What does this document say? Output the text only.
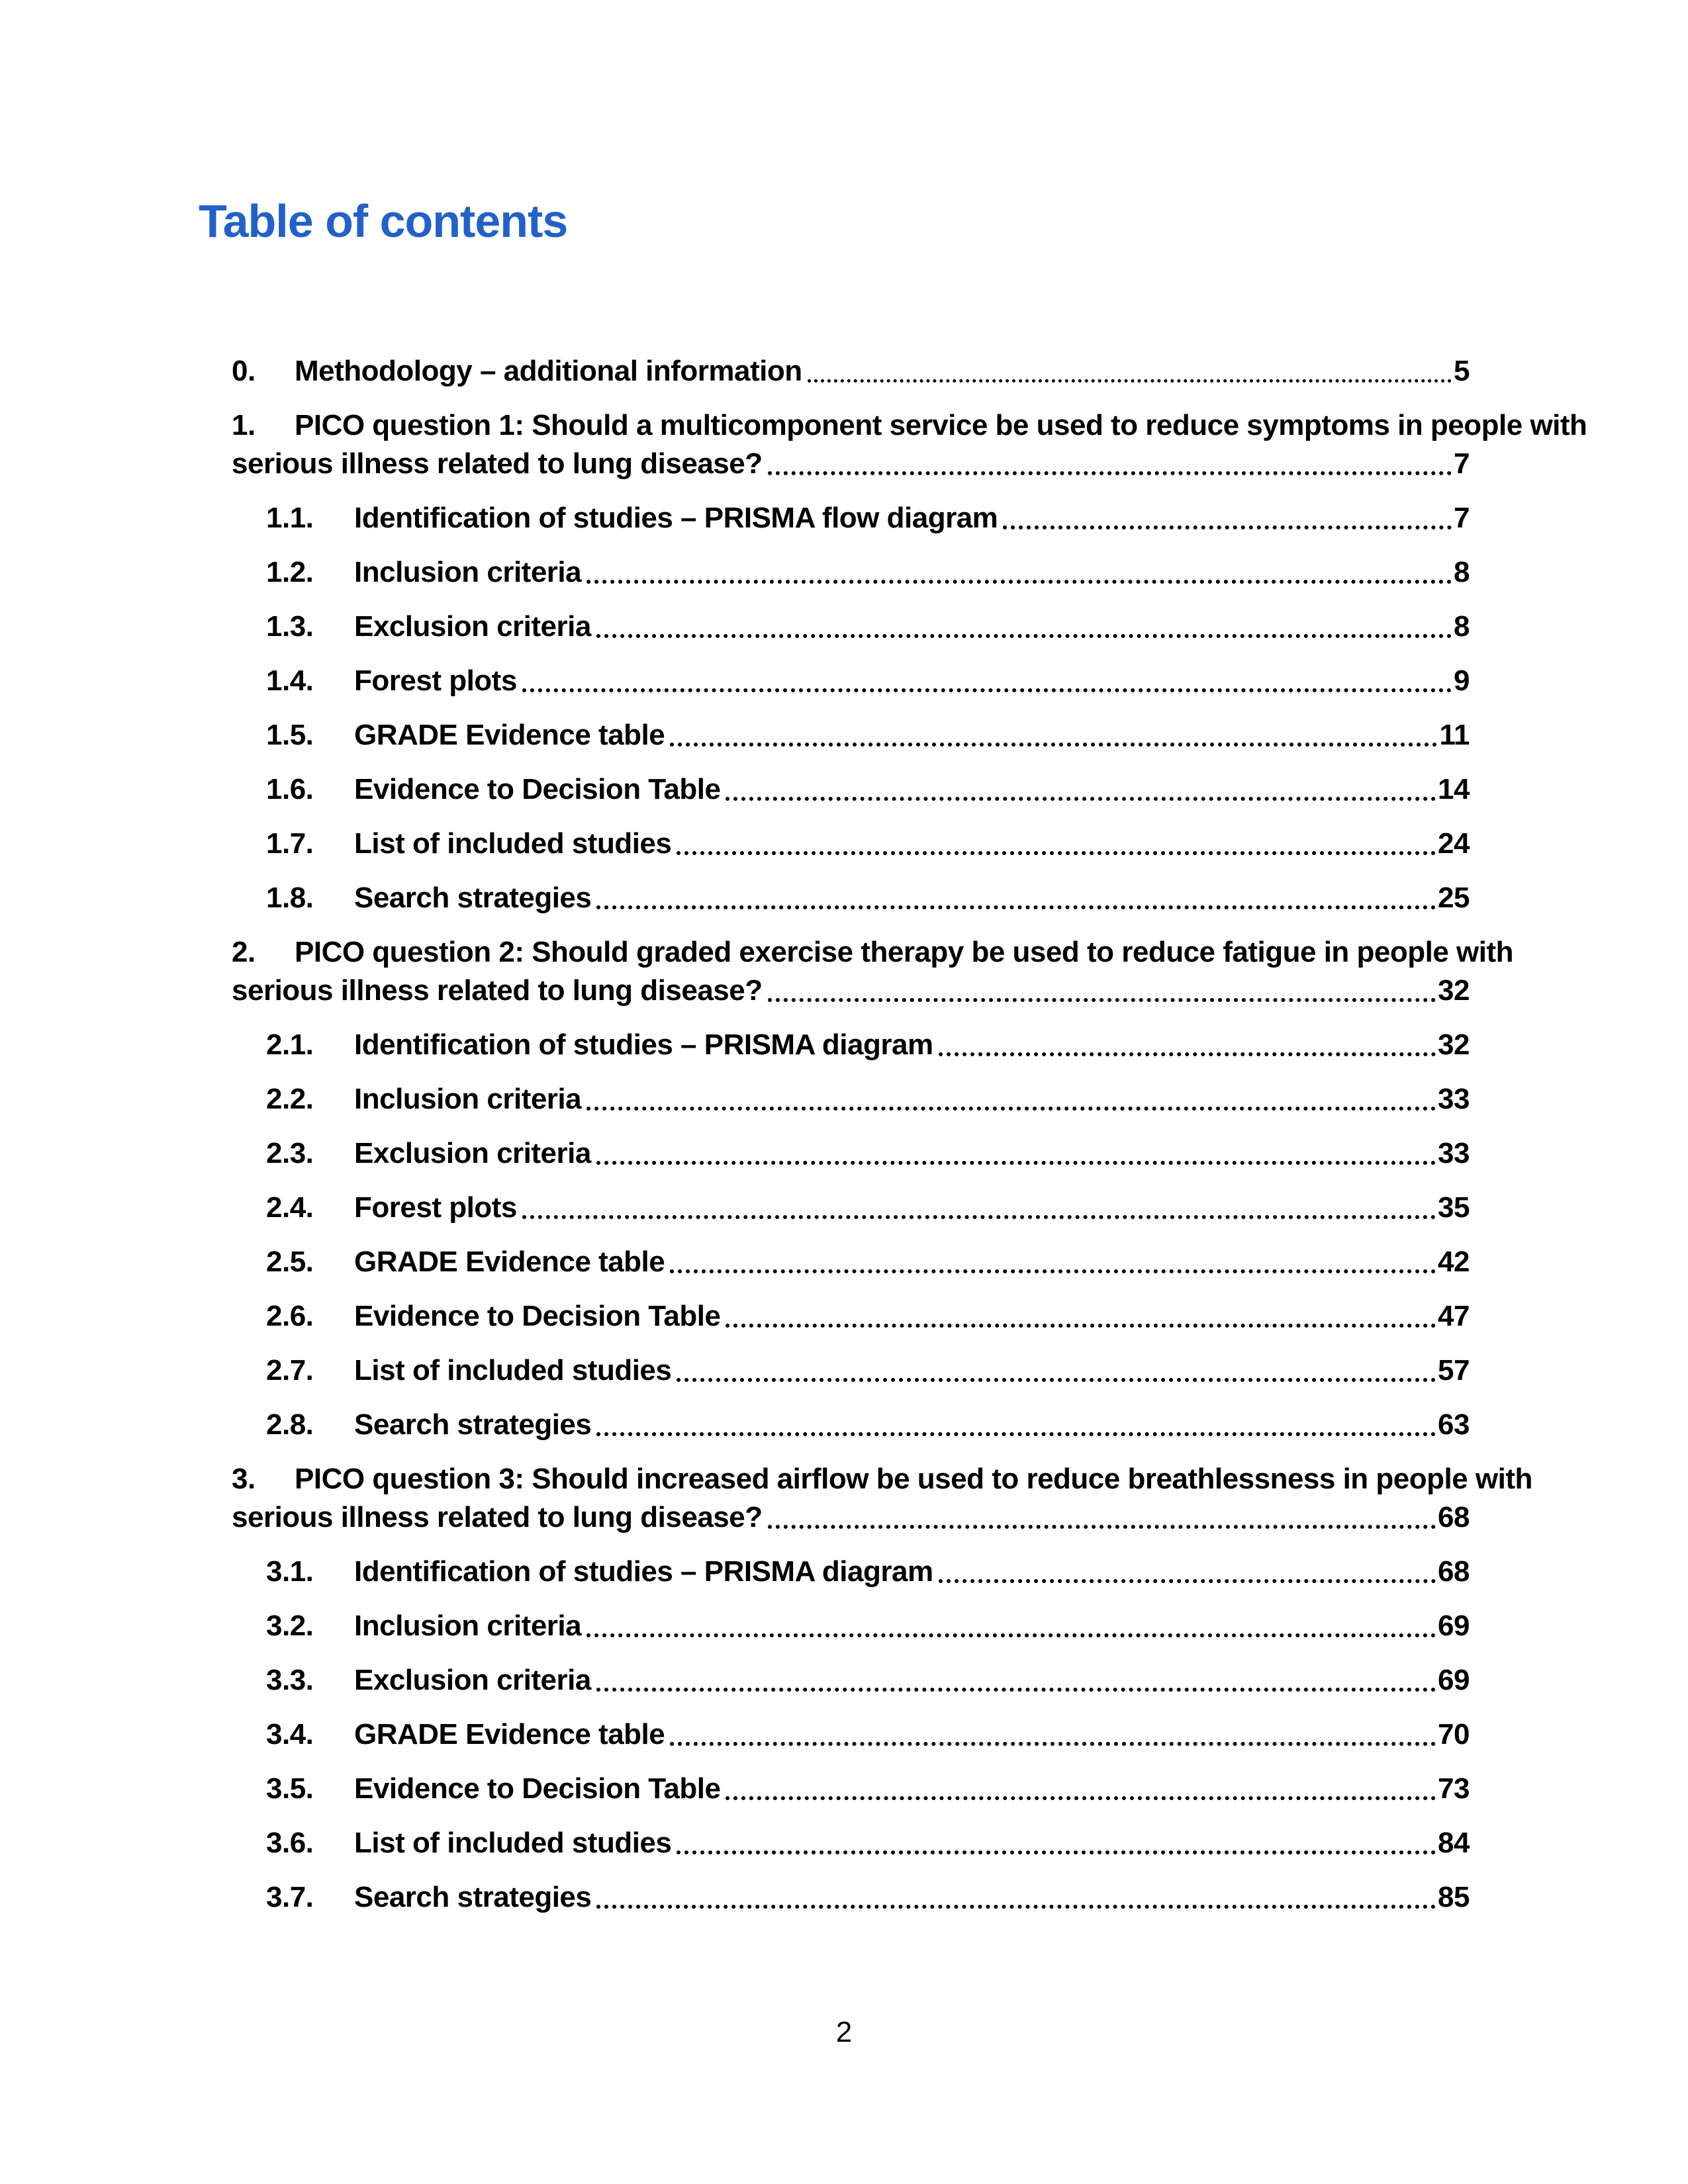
Table of contents
0.	Methodology – additional information	5
1.	PICO question 1: Should a multicomponent service be used to reduce symptoms in people with
serious illness related to lung disease?	7
1.1.	Identification of studies – PRISMA flow diagram	7
1.2.	Inclusion criteria	8
1.3.	Exclusion criteria	8
1.4.	Forest plots	9
1.5.	GRADE Evidence table	11
1.6.	Evidence to Decision Table	14
1.7.	List of included studies	24
1.8.	Search strategies	25
2.	PICO question 2: Should graded exercise therapy be used to reduce fatigue in people with
serious illness related to lung disease?	32
2.1.	Identification of studies – PRISMA diagram	32
2.2.	Inclusion criteria	33
2.3.	Exclusion criteria	33
2.4.	Forest plots	35
2.5.	GRADE Evidence table	42
2.6.	Evidence to Decision Table	47
2.7.	List of included studies	57
2.8.	Search strategies	63
3.	PICO question 3: Should increased airflow be used to reduce breathlessness in people with
serious illness related to lung disease?	68
3.1.	Identification of studies – PRISMA diagram	68
3.2.	Inclusion criteria	69
3.3.	Exclusion criteria	69
3.4.	GRADE Evidence table	70
3.5.	Evidence to Decision Table	73
3.6.	List of included studies	84
3.7.	Search strategies	85
2
